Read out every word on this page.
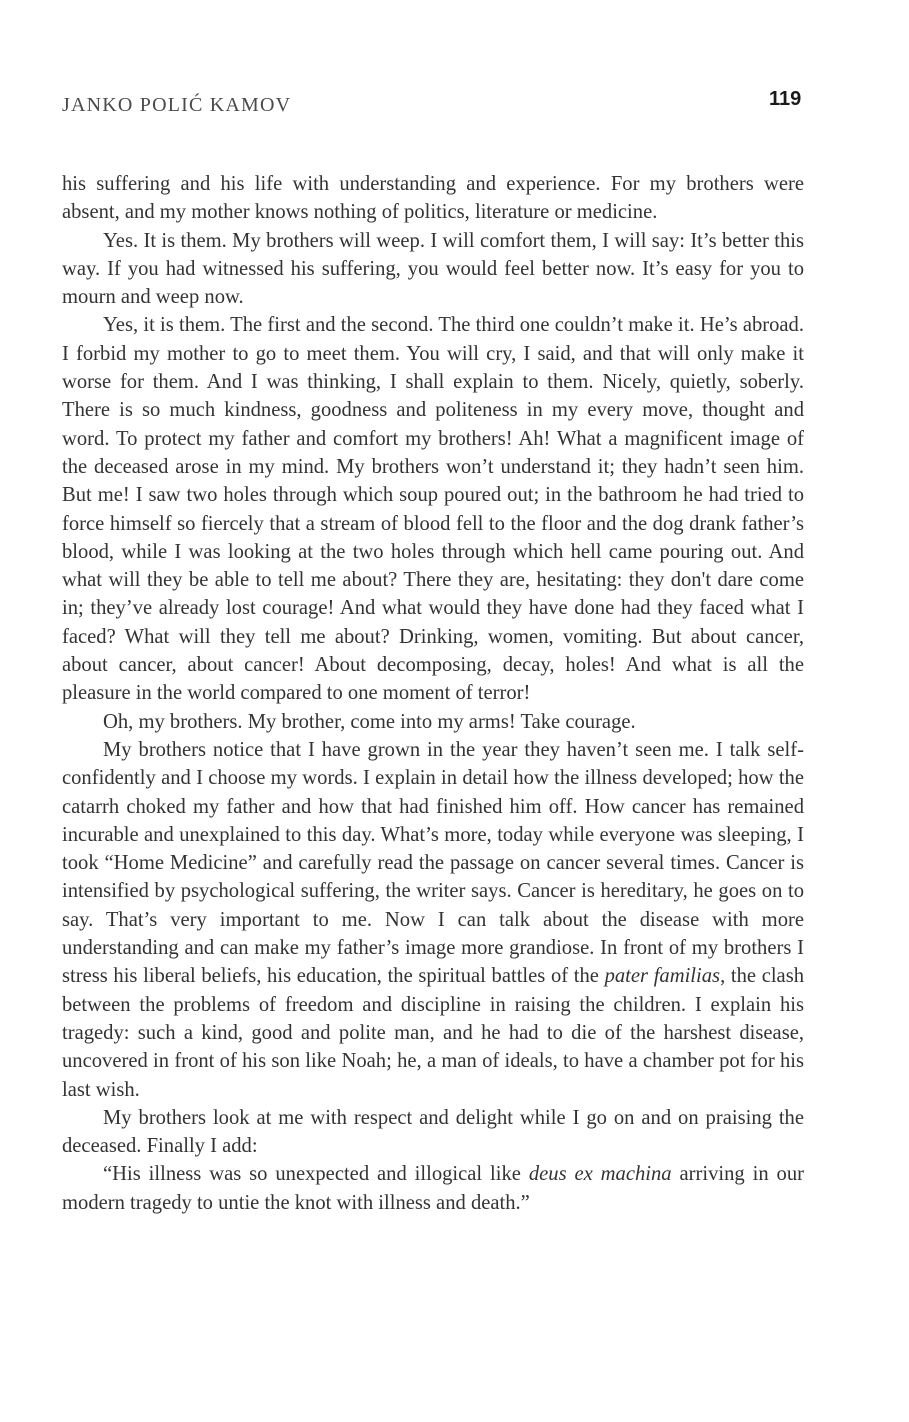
JANKO POLIĆ KAMOV	119

his suffering and his life with understanding and experience. For my brothers were absent, and my mother knows nothing of politics, literature or medicine.

Yes. It is them. My brothers will weep. I will comfort them, I will say: It’s better this way. If you had witnessed his suffering, you would feel better now. It’s easy for you to mourn and weep now.

Yes, it is them. The first and the second. The third one couldn’t make it. He’s abroad. I forbid my mother to go to meet them. You will cry, I said, and that will only make it worse for them. And I was thinking, I shall explain to them. Nicely, quietly, soberly. There is so much kindness, goodness and politeness in my every move, thought and word. To protect my father and comfort my brothers! Ah! What a magnificent image of the deceased arose in my mind. My brothers won’t understand it; they hadn’t seen him. But me! I saw two holes through which soup poured out; in the bathroom he had tried to force himself so fiercely that a stream of blood fell to the floor and the dog drank father’s blood, while I was looking at the two holes through which hell came pouring out. And what will they be able to tell me about? There they are, hesitating: they don't dare come in; they’ve already lost courage! And what would they have done had they faced what I faced? What will they tell me about? Drinking, women, vomiting. But about cancer, about cancer, about cancer! About decomposing, decay, holes! And what is all the pleasure in the world compared to one moment of terror!

Oh, my brothers. My brother, come into my arms! Take courage.

My brothers notice that I have grown in the year they haven’t seen me. I talk self-confidently and I choose my words. I explain in detail how the illness developed; how the catarrh choked my father and how that had finished him off. How cancer has remained incurable and unexplained to this day. What’s more, today while everyone was sleeping, I took “Home Medicine” and carefully read the passage on cancer several times. Cancer is intensified by psychological suffering, the writer says. Cancer is hereditary, he goes on to say. That’s very important to me. Now I can talk about the disease with more understanding and can make my father’s image more grandiose. In front of my brothers I stress his liberal beliefs, his education, the spiritual battles of the pater familias, the clash between the problems of freedom and discipline in raising the children. I explain his tragedy: such a kind, good and polite man, and he had to die of the harshest disease, uncovered in front of his son like Noah; he, a man of ideals, to have a chamber pot for his last wish.

My brothers look at me with respect and delight while I go on and on praising the deceased. Finally I add:

“His illness was so unexpected and illogical like deus ex machina arriving in our modern tragedy to untie the knot with illness and death.”
